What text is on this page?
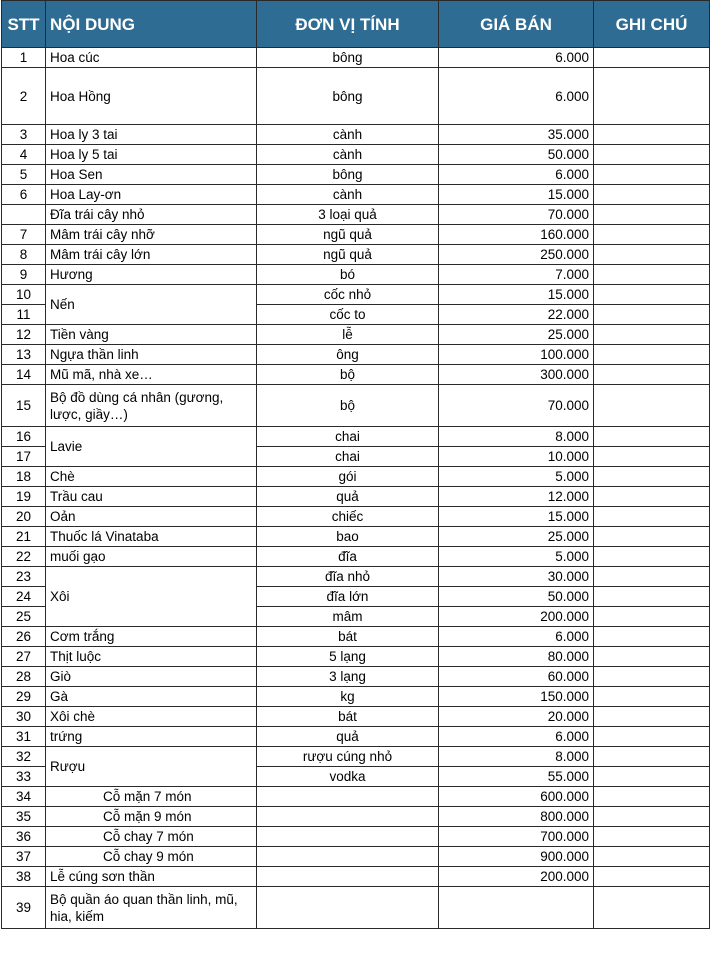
STT	NỘI DUNG	ĐƠN VỊ TÍNH	GIÁ BÁN	GHI CHÚ
1	Hoa cúc	bông	6.000	
2	Hoa Hồng	bông	6.000	
3	Hoa ly 3 tai	cành	35.000	
4	Hoa ly 5 tai	cành	50.000	
5	Hoa Sen	bông	6.000	
6	Hoa Lay-ơn	cành	15.000	
	Đĩa trái cây nhỏ	3 loại quả	70.000	
7	Mâm trái cây nhỡ	ngũ quả	160.000	
8	Mâm trái cây lớn	ngũ quả	250.000	
9	Hương	bó	7.000	
10	Nến	cốc nhỏ	15.000	
11		cốc to	22.000	
12	Tiền vàng	lễ	25.000	
13	Ngựa thần linh	ông	100.000	
14	Mũ mã, nhà xe…	bộ	300.000	
15	Bộ đồ dùng cá nhân (gương, lược, giầy…)	bộ	70.000	
16	Lavie	chai	8.000	
17		chai	10.000	
18	Chè	gói	5.000	
19	Trầu cau	quả	12.000	
20	Oản	chiếc	15.000	
21	Thuốc lá Vinataba	bao	25.000	
22	muối gạo	đĩa	5.000	
23	Xôi	đĩa nhỏ	30.000	
24		đĩa lớn	50.000	
25		mâm	200.000	
26	Cơm trắng	bát	6.000	
27	Thịt luộc	5 lạng	80.000	
28	Giò	3 lạng	60.000	
29	Gà	kg	150.000	
30	Xôi chè	bát	20.000	
31	trứng	quả	6.000	
32	Rượu	rượu cúng nhỏ	8.000	
33		vodka	55.000	
34	Cỗ mặn 7 món		600.000	
35	Cỗ mặn 9 món		800.000	
36	Cỗ chay 7 món		700.000	
37	Cỗ chay 9 món		900.000	
38	Lễ cúng sơn thần		200.000	
39	Bộ quần áo quan thần linh, mũ, hia, kiếm			
